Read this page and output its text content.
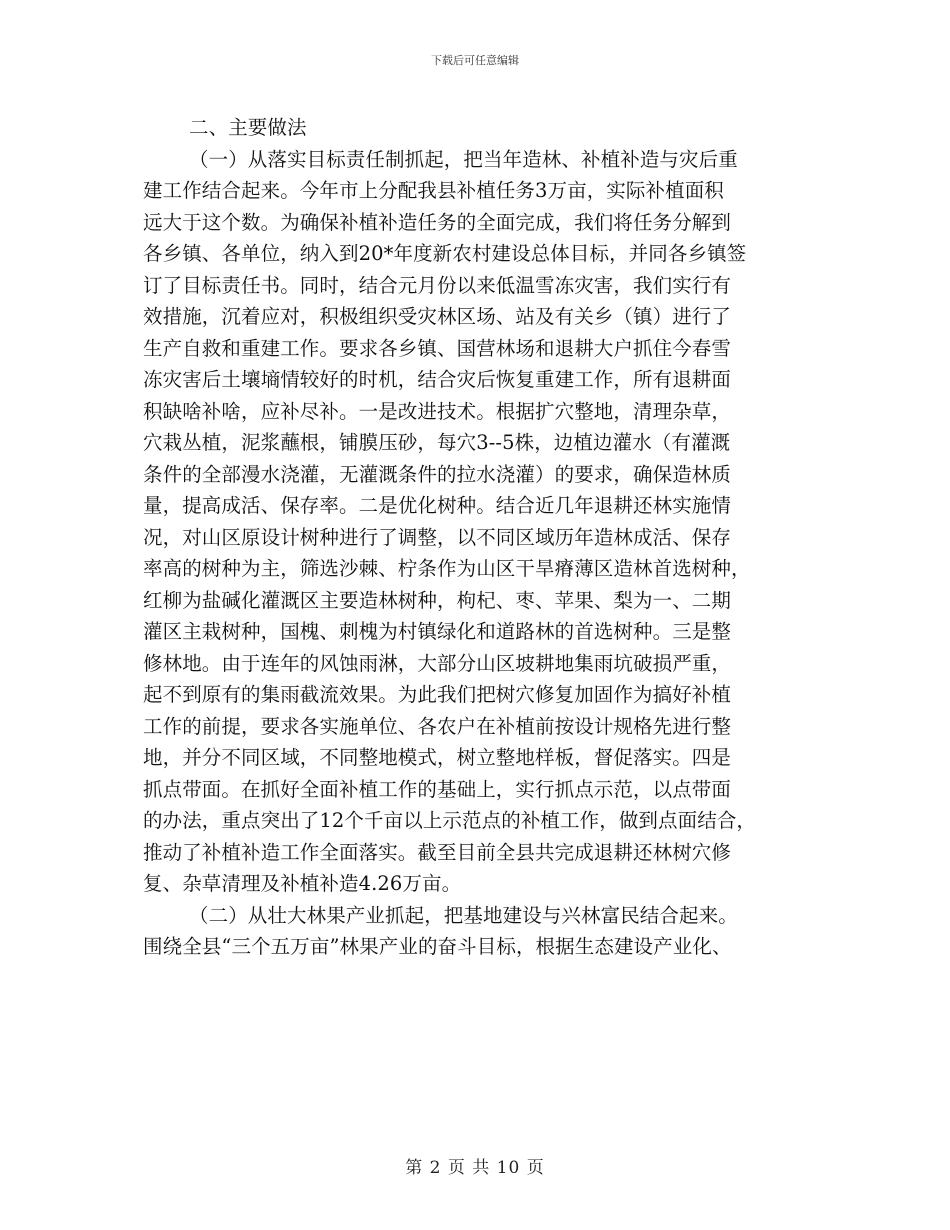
下载后可任意编辑
二、主要做法
（一）从落实目标责任制抓起，把当年造林、补植补造与灾后重
建工作结合起来。今年市上分配我县补植任务3万亩，实际补植面积
远大于这个数。为确保补植补造任务的全面完成，我们将任务分解到
各乡镇、各单位，纳入到20*年度新农村建设总体目标，并同各乡镇签
订了目标责任书。同时，结合元月份以来低温雪冻灾害，我们实行有
效措施，沉着应对，积极组织受灾林区场、站及有关乡（镇）进行了
生产自救和重建工作。要求各乡镇、国营林场和退耕大户抓住今春雪
冻灾害后土壤墒情较好的时机，结合灾后恢复重建工作，所有退耕面
积缺啥补啥，应补尽补。一是改进技术。根据扩穴整地，清理杂草，
穴栽丛植，泥浆蘸根，铺膜压砂，每穴3--5株，边植边灌水（有灌溉
条件的全部漫水浇灌，无灌溉条件的拉水浇灌）的要求，确保造林质
量，提高成活、保存率。二是优化树种。结合近几年退耕还林实施情
况，对山区原设计树种进行了调整，以不同区域历年造林成活、保存
率高的树种为主，筛选沙棘、柠条作为山区干旱瘠薄区造林首选树种，
红柳为盐碱化灌溉区主要造林树种，枸杞、枣、苹果、梨为一、二期
灌区主栽树种，国槐、刺槐为村镇绿化和道路林的首选树种。三是整
修林地。由于连年的风蚀雨淋，大部分山区坡耕地集雨坑破损严重，
起不到原有的集雨截流效果。为此我们把树穴修复加固作为搞好补植
工作的前提，要求各实施单位、各农户在补植前按设计规格先进行整
地，并分不同区域，不同整地模式，树立整地样板，督促落实。四是
抓点带面。在抓好全面补植工作的基础上，实行抓点示范，以点带面
的办法，重点突出了12个千亩以上示范点的补植工作，做到点面结合，
推动了补植补造工作全面落实。截至目前全县共完成退耕还林树穴修
复、杂草清理及补植补造4.26万亩。
（二）从壮大林果产业抓起，把基地建设与兴林富民结合起来。
围绕全县“三个五万亩”林果产业的奋斗目标，根据生态建设产业化、
第 2 页 共 10 页
